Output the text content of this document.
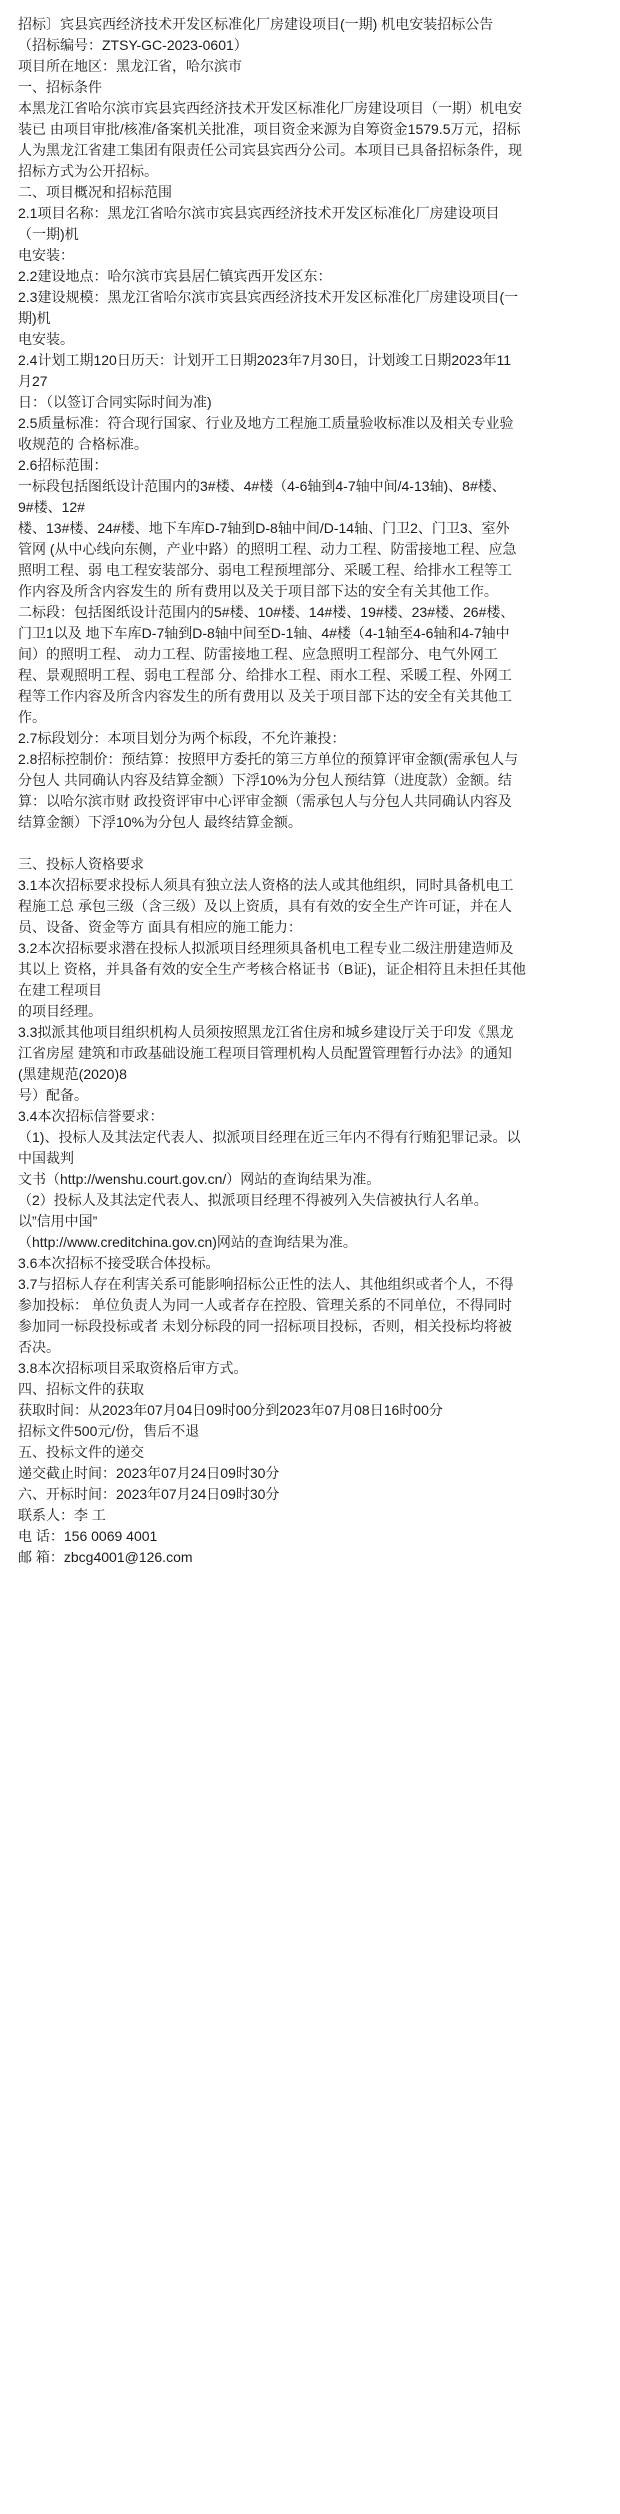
招标〕宾县宾西经济技术开发区标准化厂房建设项目(一期) 机电安装招标公告
（招标编号：ZTSY-GC-2023-0601）
项目所在地区：黑龙江省，哈尔滨市
一、招标条件
本黑龙江省哈尔滨市宾县宾西经济技术开发区标准化厂房建设项目（一期）机电安
装已 由项目审批/核准/备案机关批准，项目资金来源为自筹资金1579.5万元，招标
人为黑龙江省建工集团有限责任公司宾县宾西分公司。本项目已具备招标条件，现
招标方式为公开招标。
二、项目概况和招标范围
2.1项目名称：黑龙江省哈尔滨市宾县宾西经济技术开发区标准化厂房建设项目
（一期)机
电安装：
2.2建设地点：哈尔滨市宾县居仁镇宾西开发区东：
2.3建设规模：黑龙江省哈尔滨市宾县宾西经济技术开发区标准化厂房建设项目(一
期)机
电安装。
2.4计划工期120日历天：计划开工日期2023年7月30日，计划竣工日期2023年11
月27
日：（以签订合同实际时间为准)
2.5质量标准：符合现行国家、行业及地方工程施工质量验收标准以及相关专业验
收规范的 合格标准。
2.6招标范围：
一标段包括图纸设计范围内的3#楼、4#楼（4-6轴到4-7轴中间/4-13轴)、8#楼、
9#楼、12#
楼、13#楼、24#楼、地下车库D-7轴到D-8轴中间/D-14轴、门卫2、门卫3、室外
管网 (从中心线向东侧，产业中路）的照明工程、动力工程、防雷接地工程、应急
照明工程、弱 电工程安装部分、弱电工程预埋部分、采暖工程、给排水工程等工
作内容及所含内容发生的 所有费用以及关于项目部下达的安全有关其他工作。
二标段：包括图纸设计范围内的5#楼、10#楼、14#楼、19#楼、23#楼、26#楼、
门卫1以及 地下车库D-7轴到D-8轴中间至D-1轴、4#楼（4-1轴至4-6轴和4-7轴中
间）的照明工程、 动力工程、防雷接地工程、应急照明工程部分、电气外网工
程、景观照明工程、弱电工程部 分、给排水工程、雨水工程、采暖工程、外网工
程等工作内容及所含内容发生的所有费用以 及关于项目部下达的安全有关其他工
作。
2.7标段划分：本项目划分为两个标段，不允许兼投：
2.8招标控制价：预结算：按照甲方委托的第三方单位的预算评审金额(需承包人与
分包人 共同确认内容及结算金额）下浮10%为分包人预结算（进度款）金额。结
算：以哈尔滨市财 政投资评审中心评审金额（需承包人与分包人共同确认内容及
结算金额）下浮10%为分包人 最终结算金额。
三、投标人资格要求
3.1本次招标要求投标人须具有独立法人资格的法人或其他组织，同时具备机电工
程施工总 承包三级（含三级）及以上资质，具有有效的安全生产许可证，并在人
员、设备、资金等方 面具有相应的施工能力：
3.2本次招标要求潜在投标人拟派项目经理须具备机电工程专业二级注册建造师及
其以上 资格，并具备有效的安全生产考核合格证书（B证)，证企相符且未担任其他
在建工程项目
的项目经理。
3.3拟派其他项目组织机构人员须按照黑龙江省住房和城乡建设厅关于印发《黑龙
江省房屋 建筑和市政基础设施工程项目管理机构人员配置管理暂行办法》的通知
(黑建规范(2020)8
号）配备。
3.4本次招标信誉要求：
（1)、投标人及其法定代表人、拟派项目经理在近三年内不得有行贿犯罪记录。以
中国裁判
文书（http://wenshu.court.gov.cn/）网站的查询结果为准。
（2）投标人及其法定代表人、拟派项目经理不得被列入失信被执行人名单。
以”信用中国”
（http://www.creditchina.gov.cn)网站的查询结果为准。
3.6本次招标不接受联合体投标。
3.7与招标人存在利害关系可能影响招标公正性的法人、其他组织或者个人，不得
参加投标： 单位负责人为同一人或者存在控股、管理关系的不同单位，不得同时
参加同一标段投标或者 未划分标段的同一招标项目投标，否则，相关投标均将被
否决。
3.8本次招标项目采取资格后审方式。
四、招标文件的获取
获取时间：从2023年07月04日09时00分到2023年07月08日16时00分
招标文件500元/份，售后不退
五、投标文件的递交
递交截止时间：2023年07月24日09时30分
六、开标时间：2023年07月24日09时30分
联系人：李 工
电 话：156 0069 4001
邮 箱：zbcg4001@126.com
